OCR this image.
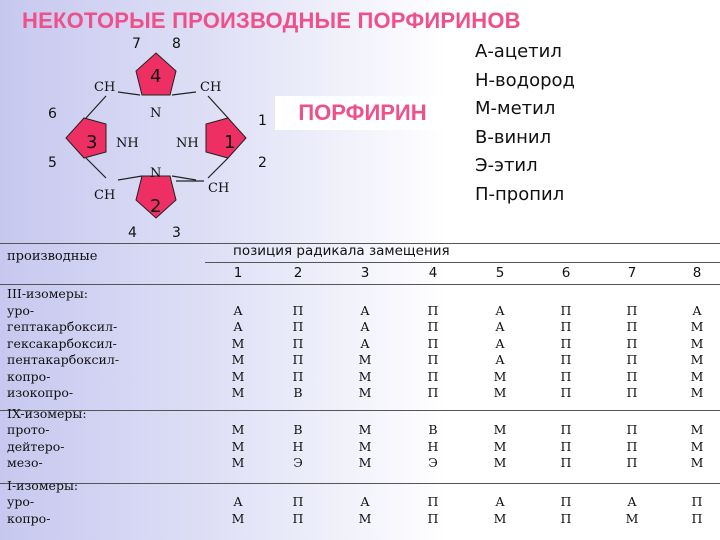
НЕКОТОРЫЕ ПРОИЗВОДНЫЕ ПОРФИРИНОВ
7 8
1
2
3
4
5
6
4
2
3	1
CH	CH
N
NH	NH
N
CH	CH
ПОРФИРИН
А-ацетил
Н-водород
М-метил
В-винил
Э-этил
П-пропил
производные	позиция радикала замещения
1	2	3	4	5	6	7	8
III-изомеры:
уро-	А	П	А	П	А	П	П	А
гептакарбоксил-	А	П	А	П	А	П	П	М
гексакарбоксил-	М	П	А	П	А	П	П	М
пентакарбоксил-	М	П	М	П	А	П	П	М
копро-	М	П	М	П	М	П	П	М
изокопро-	М	В	М	П	М	П	П	М
IX-изомеры:
прото-	М	В	М	В	М	П	П	М
дейтеро-	М	Н	М	Н	М	П	П	М
мезо-	М	Э	М	Э	М	П	П	М
I-изомеры:
уро-	А	П	А	П	А	П	А	П
копро-	М	П	М	П	М	П	М	П
